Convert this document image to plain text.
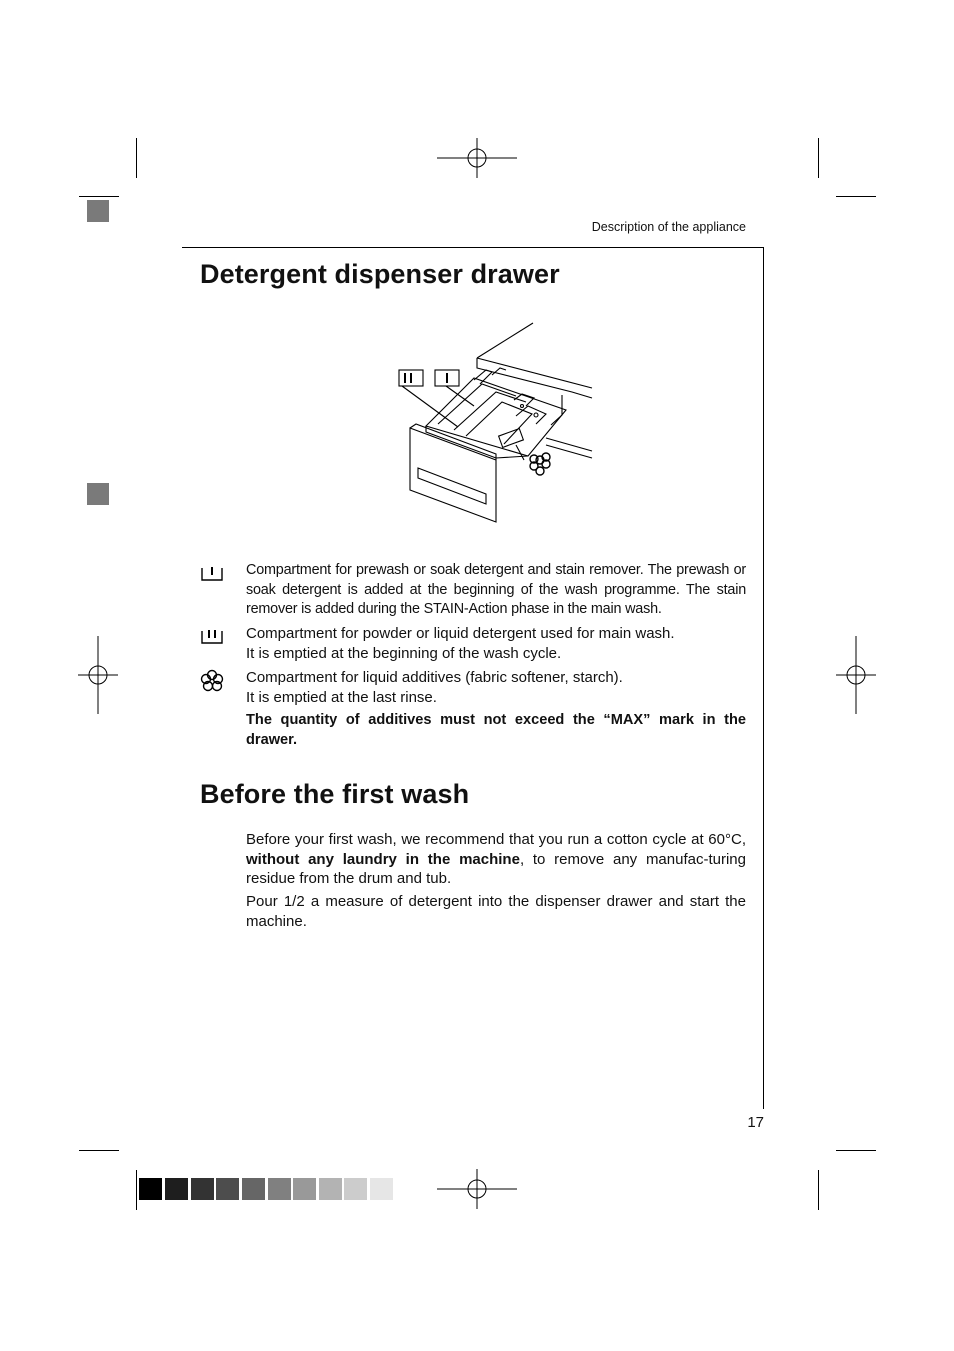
Description of the appliance
Detergent dispenser drawer

Compartment for prewash or soak detergent and stain remover. The prewash or soak detergent is added at the beginning of the wash programme. The stain remover is added during the STAIN-Action phase in the main wash.

Compartment for powder or liquid detergent used for main wash.

It is emptied at the beginning of the wash cycle.

Compartment for liquid additives (fabric softener, starch).

It is emptied at the last rinse.

The quantity of additives must not exceed the “MAX” mark in the drawer.

Before the first wash

Before your first wash, we recommend that you run a cotton cycle at 60°C, without any laundry in the machine, to remove any manufac-turing residue from the drum and tub.

Pour 1/2 a measure of detergent into the dispenser drawer and start the machine.

17
